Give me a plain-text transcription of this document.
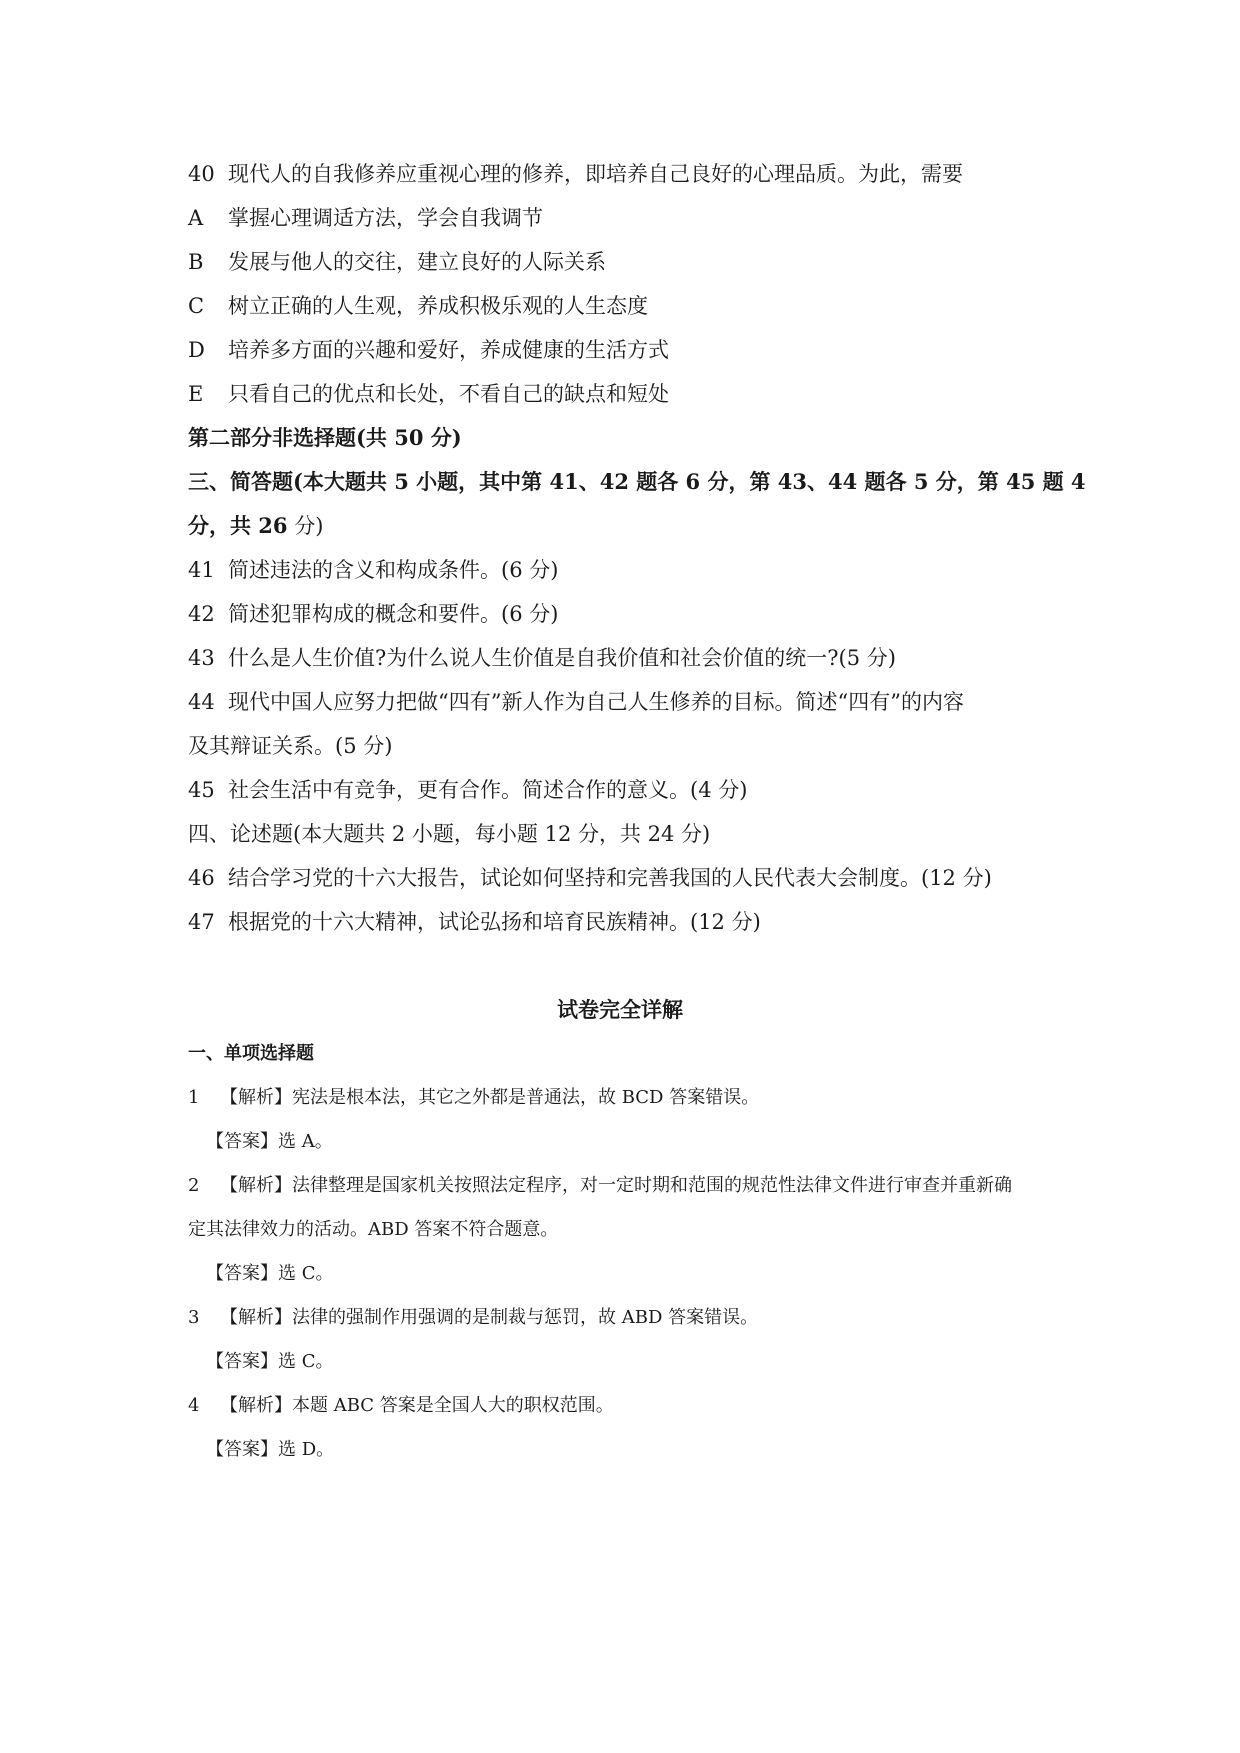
40 现代人的自我修养应重视心理的修养，即培养自己良好的心理品质。为此，需要
A 掌握心理调适方法，学会自我调节
B 发展与他人的交往，建立良好的人际关系
C 树立正确的人生观，养成积极乐观的人生态度
D 培养多方面的兴趣和爱好，养成健康的生活方式
E 只看自己的优点和长处，不看自己的缺点和短处
第二部分非选择题(共 50 分)
三、简答题(本大题共 5 小题，其中第 41、42 题各 6 分，第 43、44 题各 5 分，第 45 题 4
分，共 26 分)
41 简述违法的含义和构成条件。(6 分)
42 简述犯罪构成的概念和要件。(6 分)
43 什么是人生价值?为什么说人生价值是自我价值和社会价值的统一?(5 分)
44 现代中国人应努力把做“四有”新人作为自己人生修养的目标。简述“四有”的内容
及其辩证关系。(5 分)
45 社会生活中有竞争，更有合作。简述合作的意义。(4 分)
四、论述题(本大题共 2 小题，每小题 12 分，共 24 分)
46 结合学习党的十六大报告，试论如何坚持和完善我国的人民代表大会制度。(12 分)
47 根据党的十六大精神，试论弘扬和培育民族精神。(12 分)
试卷完全详解
一、单项选择题
1 【解析】宪法是根本法，其它之外都是普通法，故 BCD 答案错误。
【答案】选 A。
2 【解析】法律整理是国家机关按照法定程序，对一定时期和范围的规范性法律文件进行审查并重新确
定其法律效力的活动。ABD 答案不符合题意。
【答案】选 C。
3 【解析】法律的强制作用强调的是制裁与惩罚，故 ABD 答案错误。
【答案】选 C。
4 【解析】本题 ABC 答案是全国人大的职权范围。
【答案】选 D。
